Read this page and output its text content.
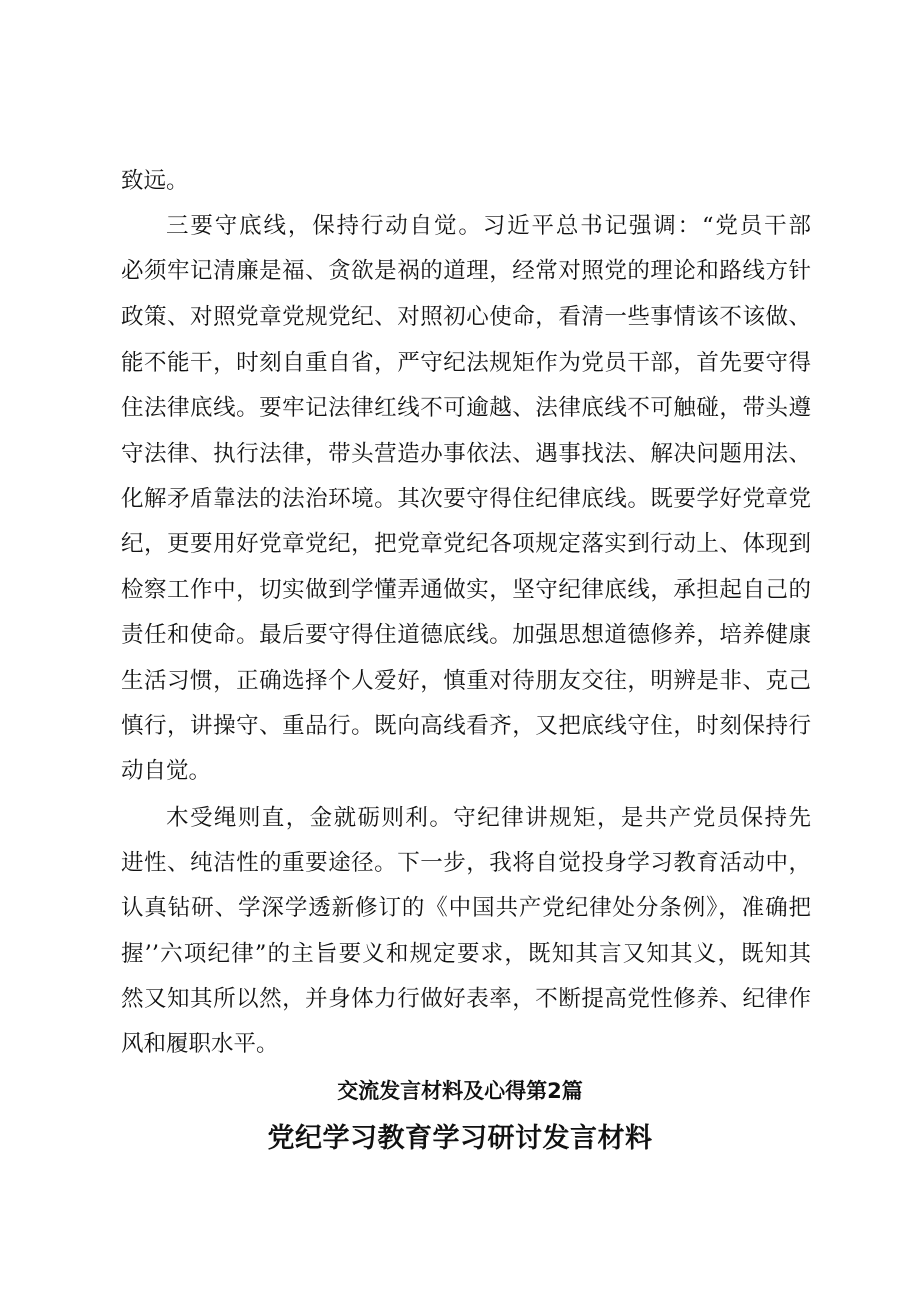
致远。
三要守底线，保持行动自觉。习近平总书记强调：“党员干部
必须牢记清廉是福、贪欲是祸的道理，经常对照党的理论和路线方针
政策、对照党章党规党纪、对照初心使命，看清一些事情该不该做、
能不能干，时刻自重自省，严守纪法规矩作为党员干部，首先要守得
住法律底线。要牢记法律红线不可逾越、法律底线不可触碰，带头遵
守法律、执行法律，带头营造办事依法、遇事找法、解决问题用法、
化解矛盾靠法的法治环境。其次要守得住纪律底线。既要学好党章党
纪，更要用好党章党纪，把党章党纪各项规定落实到行动上、体现到
检察工作中，切实做到学懂弄通做实，坚守纪律底线，承担起自己的
责任和使命。最后要守得住道德底线。加强思想道德修养，培养健康
生活习惯，正确选择个人爱好，慎重对待朋友交往，明辨是非、克己
慎行，讲操守、重品行。既向高线看齐，又把底线守住，时刻保持行
动自觉。
木受绳则直，金就砺则利。守纪律讲规矩，是共产党员保持先
进性、纯洁性的重要途径。下一步，我将自觉投身学习教育活动中，
认真钻研、学深学透新修订的《中国共产党纪律处分条例》，准确把
握’’六项纪律”的主旨要义和规定要求，既知其言又知其义，既知其
然又知其所以然，并身体力行做好表率，不断提高党性修养、纪律作
风和履职水平。
交流发言材料及心得第2篇
党纪学习教育学习研讨发言材料
